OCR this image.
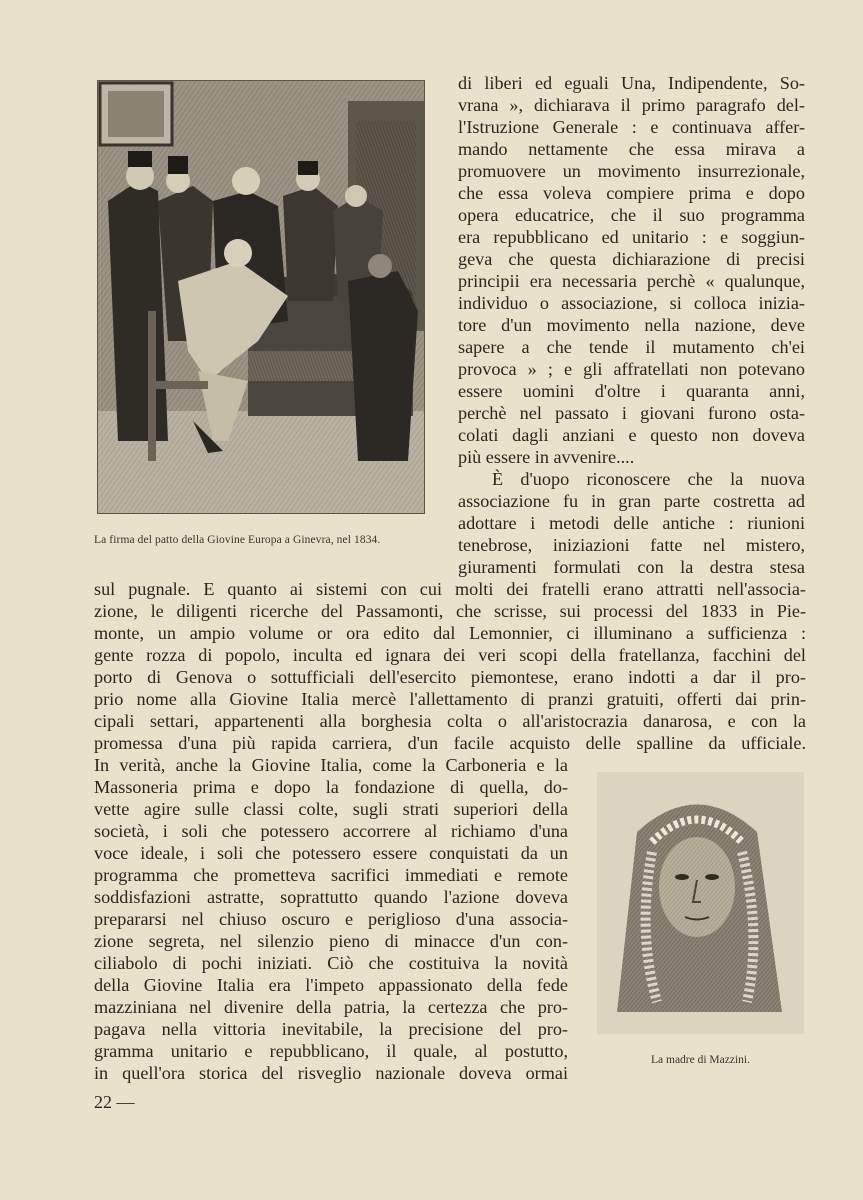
La firma del patto della Giovine Europa a Ginevra, nel 1834.
di liberi ed eguali Una, Indipendente, So-
vrana », dichiarava il primo paragrafo del-
l'Istruzione Generale : e continuava affer-
mando nettamente che essa mirava a
promuovere un movimento insurrezionale,
che essa voleva compiere prima e dopo
opera educatrice, che il suo programma
era repubblicano ed unitario : e soggiun-
geva che questa dichiarazione di precisi
principii era necessaria perchè « qualunque,
individuo o associazione, si colloca inizia-
tore d'un movimento nella nazione, deve
sapere a che tende il mutamento ch'ei
provoca » ; e gli affratellati non potevano
essere uomini d'oltre i quaranta anni,
perchè nel passato i giovani furono osta-
colati dagli anziani e questo non doveva
più essere in avvenire....
È d'uopo riconoscere che la nuova
associazione fu in gran parte costretta ad
adottare i metodi delle antiche : riunioni
tenebrose, iniziazioni fatte nel mistero,
giuramenti formulati con la destra stesa
sul pugnale. E quanto ai sistemi con cui molti dei fratelli erano attratti nell'associa-
zione, le diligenti ricerche del Passamonti, che scrisse, sui processi del 1833 in Pie-
monte, un ampio volume or ora edito dal Lemonnier, ci illuminano a sufficienza :
gente rozza di popolo, inculta ed ignara dei veri scopi della fratellanza, facchini del
porto di Genova o sottufficiali dell'esercito piemontese, erano indotti a dar il pro-
prio nome alla Giovine Italia mercè l'allettamento di pranzi gratuiti, offerti dai prin-
cipali settari, appartenenti alla borghesia colta o all'aristocrazia danarosa, e con la
promessa d'una più rapida carriera, d'un facile acquisto delle spalline da ufficiale.
In verità, anche la Giovine Italia, come la Carboneria e la
Massoneria prima e dopo la fondazione di quella, do-
vette agire sulle classi colte, sugli strati superiori della
società, i soli che potessero accorrere al richiamo d'una
voce ideale, i soli che potessero essere conquistati da un
programma che prometteva sacrifici immediati e remote
soddisfazioni astratte, soprattutto quando l'azione doveva
prepararsi nel chiuso oscuro e periglioso d'una associa-
zione segreta, nel silenzio pieno di minacce d'un con-
ciliabolo di pochi iniziati. Ciò che costituiva la novità
della Giovine Italia era l'impeto appassionato della fede
mazziniana nel divenire della patria, la certezza che pro-
pagava nella vittoria inevitabile, la precisione del pro-
gramma unitario e repubblicano, il quale, al postutto,
in quell'ora storica del risveglio nazionale doveva ormai
La madre di Mazzini.
22 —
